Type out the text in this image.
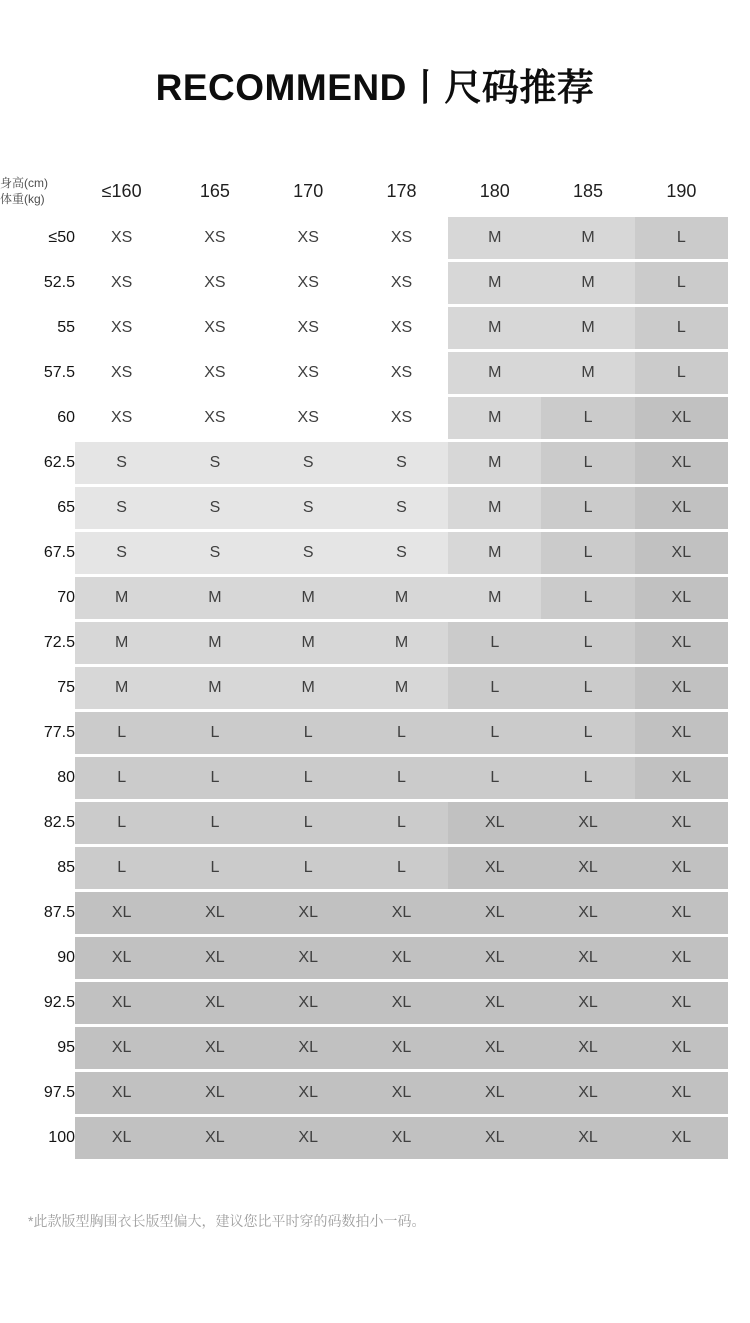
RECOMMEND丨尺码推荐
身高(cm)
体重(kg)	≤160	165	170	178	180	185	190
≤50	XS	XS	XS	XS	M	M	L
52.5	XS	XS	XS	XS	M	M	L
55	XS	XS	XS	XS	M	M	L
57.5	XS	XS	XS	XS	M	M	L
60	XS	XS	XS	XS	M	L	XL
62.5	S	S	S	S	M	L	XL
65	S	S	S	S	M	L	XL
67.5	S	S	S	S	M	L	XL
70	M	M	M	M	M	L	XL
72.5	M	M	M	M	L	L	XL
75	M	M	M	M	L	L	XL
77.5	L	L	L	L	L	L	XL
80	L	L	L	L	L	L	XL
82.5	L	L	L	L	XL	XL	XL
85	L	L	L	L	XL	XL	XL
87.5	XL	XL	XL	XL	XL	XL	XL
90	XL	XL	XL	XL	XL	XL	XL
92.5	XL	XL	XL	XL	XL	XL	XL
95	XL	XL	XL	XL	XL	XL	XL
97.5	XL	XL	XL	XL	XL	XL	XL
100	XL	XL	XL	XL	XL	XL	XL

*此款版型胸围衣长版型偏大，建议您比平时穿的码数拍小一码。
